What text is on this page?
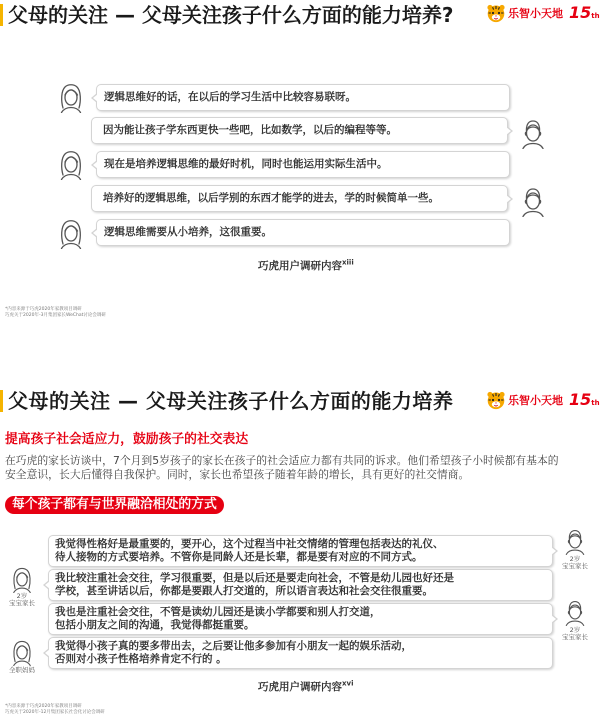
父母的关注 — 父母关注孩子什么方面的能力培养?	乐智小天地 15 th
逻辑思维好的话，在以后的学习生活中比较容易联呀。
因为能让孩子学东西更快一些吧，比如数学，以后的编程等等。
现在是培养逻辑思维的最好时机，同时也能运用实际生活中。
培养好的逻辑思维，以后学别的东西才能学的进去，学的时候简单一些。
逻辑思维需要从小培养，这很重要。
巧虎用户调研内容$^{xiii}$
*内容来源于巧虎2020年家教项目调研
巧虎关于2020年-3月集团家长WeChat讨论会调研
父母的关注 — 父母关注孩子什么方面的能力培养	乐智小天地 15 th
提高孩子社会适应力，鼓励孩子的社交表达
在巧虎的家长访谈中，7个月到5岁孩子的家长在孩子的社会适应力都有共同的诉求。他们希望孩子小时候都有基本的
安全意识，长大后懂得自我保护。同时，家长也希望孩子随着年龄的增长，具有更好的社交情商。
每个孩子都有与世界融洽相处的方式
我觉得性格好是最重要的，要开心，这个过程当中社交情绪的管理包括表达的礼仪、
待人接物的方式要培养。不管你是同龄人还是长辈，都是要有对应的不同方式。	2岁
宝宝家长
2岁
宝宝家长
我比较注重社会交往，学习很重要，但是以后还是要走向社会，不管是幼儿园也好还是
学校，甚至讲话以后，你都是要跟人打交道的，所以语言表达和社会交往很重要。
我也是注重社会交往，不管是读幼儿园还是读小学都要和别人打交道，
包括小朋友之间的沟通，我觉得都挺重要。	2岁
宝宝家长
全职妈妈
我觉得小孩子真的要多带出去，之后要让他多参加有小朋友一起的娱乐活动，
否则对小孩子性格培养肯定不行的 。
巧虎用户调研内容$^{xvi}$
*内容来源于巧虎2020年家教项目调研
巧虎关于2020年-12月集团家长社会化讨论会调研
